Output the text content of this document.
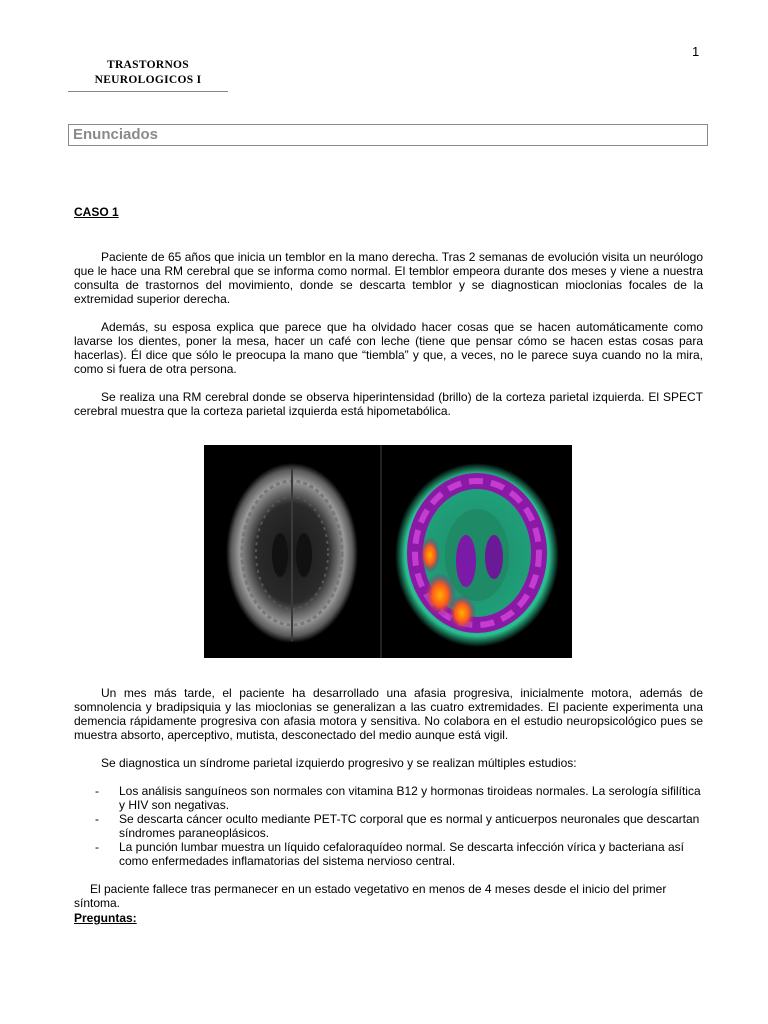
1
TRASTORNOS
NEUROLOGICOS I
Enunciados
CASO 1
Paciente de 65 años que inicia un temblor en la mano derecha. Tras 2 semanas de evolución visita un neurólogo que le hace una RM cerebral que se informa como normal. El temblor empeora durante dos meses y viene a nuestra consulta de trastornos del movimiento, donde se descarta temblor y se diagnostican mioclonias focales de la extremidad superior derecha.
Además, su esposa explica que parece que ha olvidado hacer cosas que se hacen automáticamente como lavarse los dientes, poner la mesa, hacer un café con leche (tiene que pensar cómo se hacen estas cosas para hacerlas). Él dice que sólo le preocupa la mano que “tiembla” y que, a veces, no le parece suya cuando no la mira, como si fuera de otra persona.
Se realiza una RM cerebral donde se observa hiperintensidad (brillo) de la corteza parietal izquierda. El SPECT cerebral muestra que la corteza parietal izquierda está hipometabólica.
Un mes más tarde, el paciente ha desarrollado una afasia progresiva, inicialmente motora, además de somnolencia y bradipsiquia y las mioclonias se generalizan a las cuatro extremidades. El paciente experimenta una demencia rápidamente progresiva con afasia motora y sensitiva. No colabora en el estudio neuropsicológico pues se muestra absorto, aperceptivo, mutista, desconectado del medio aunque está vigil.
Se diagnostica un síndrome parietal izquierdo progresivo y se realizan múltiples estudios:
- Los análisis sanguíneos son normales con vitamina B12 y hormonas tiroideas normales. La serología sifilítica y HIV son negativas.
- Se descarta cáncer oculto mediante PET-TC corporal que es normal y anticuerpos neuronales que descartan síndromes paraneoplásicos.
- La punción lumbar muestra un líquido cefaloraquídeo normal. Se descarta infección vírica y bacteriana así como enfermedades inflamatorias del sistema nervioso central.
El paciente fallece tras permanecer en un estado vegetativo en menos de 4 meses desde el inicio del primer síntoma.
Preguntas:
